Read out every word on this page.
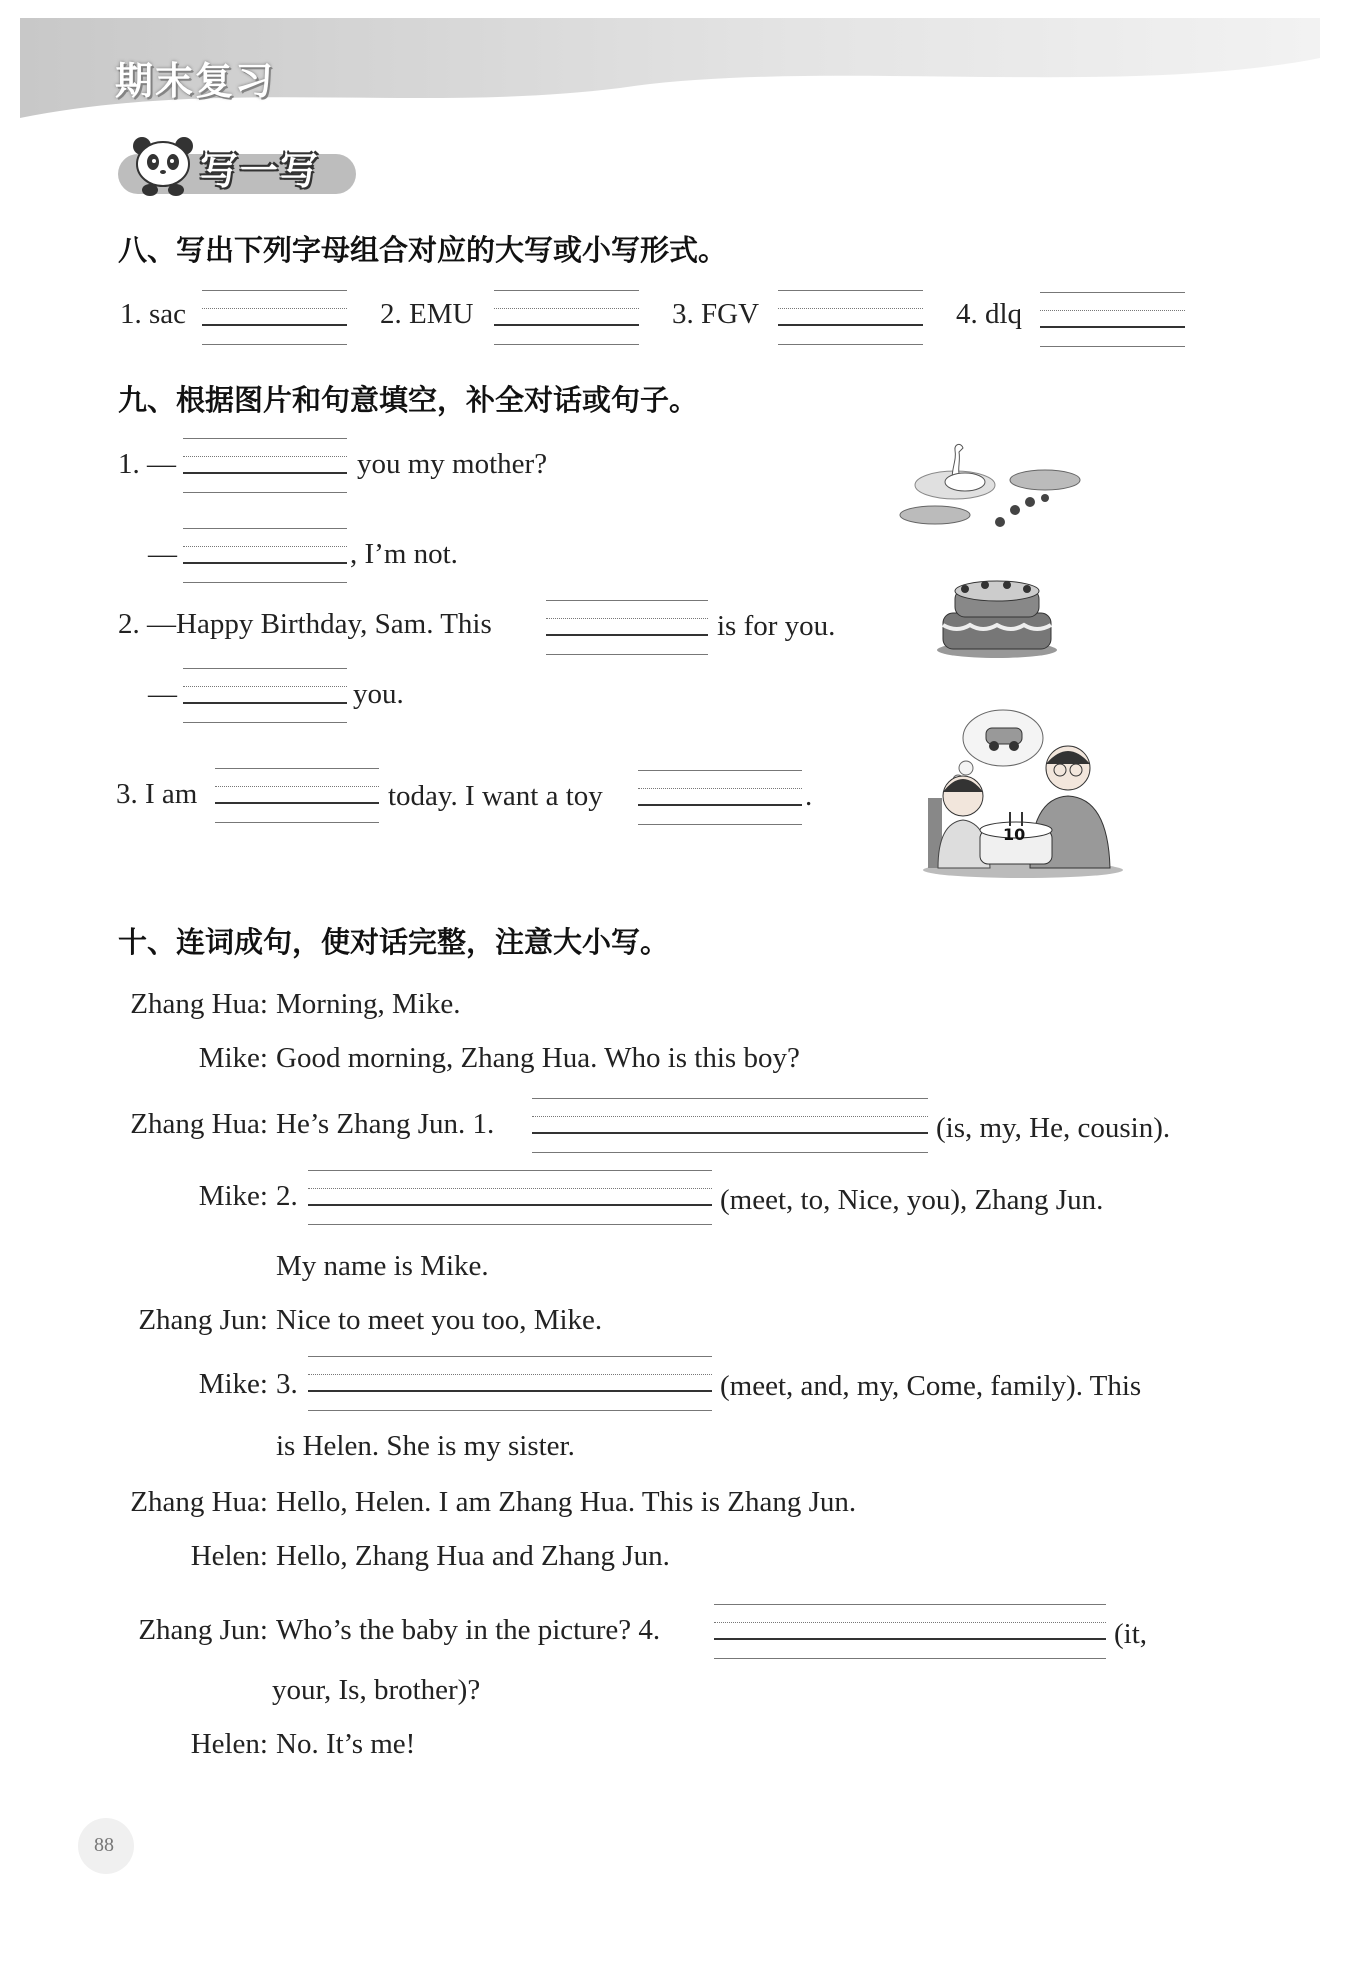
期末复习
写一写
八、写出下列字母组合对应的大写或小写形式。
1. sac	2. EMU	3. FGV	4. dlq
九、根据图片和句意填空，补全对话或句子。
1. —	you my mother?
—	, I’m not.
2. —Happy Birthday, Sam. This	is for you.
—	you.
3. I am	today. I want a toy	.
10
十、连词成句，使对话完整，注意大小写。
Zhang Hua: Morning, Mike.
Mike: Good morning, Zhang Hua. Who is this boy?
Zhang Hua: He’s Zhang Jun. 1.	(is, my, He, cousin).
Mike: 2.	(meet, to, Nice, you), Zhang Jun.
My name is Mike.
Zhang Jun: Nice to meet you too, Mike.
Mike: 3.	(meet, and, my, Come, family). This
is Helen. She is my sister.
Zhang Hua: Hello, Helen. I am Zhang Hua. This is Zhang Jun.
Helen: Hello, Zhang Hua and Zhang Jun.
Zhang Jun: Who’s the baby in the picture? 4.	(it,
your, Is, brother)?
Helen: No. It’s me!
88
